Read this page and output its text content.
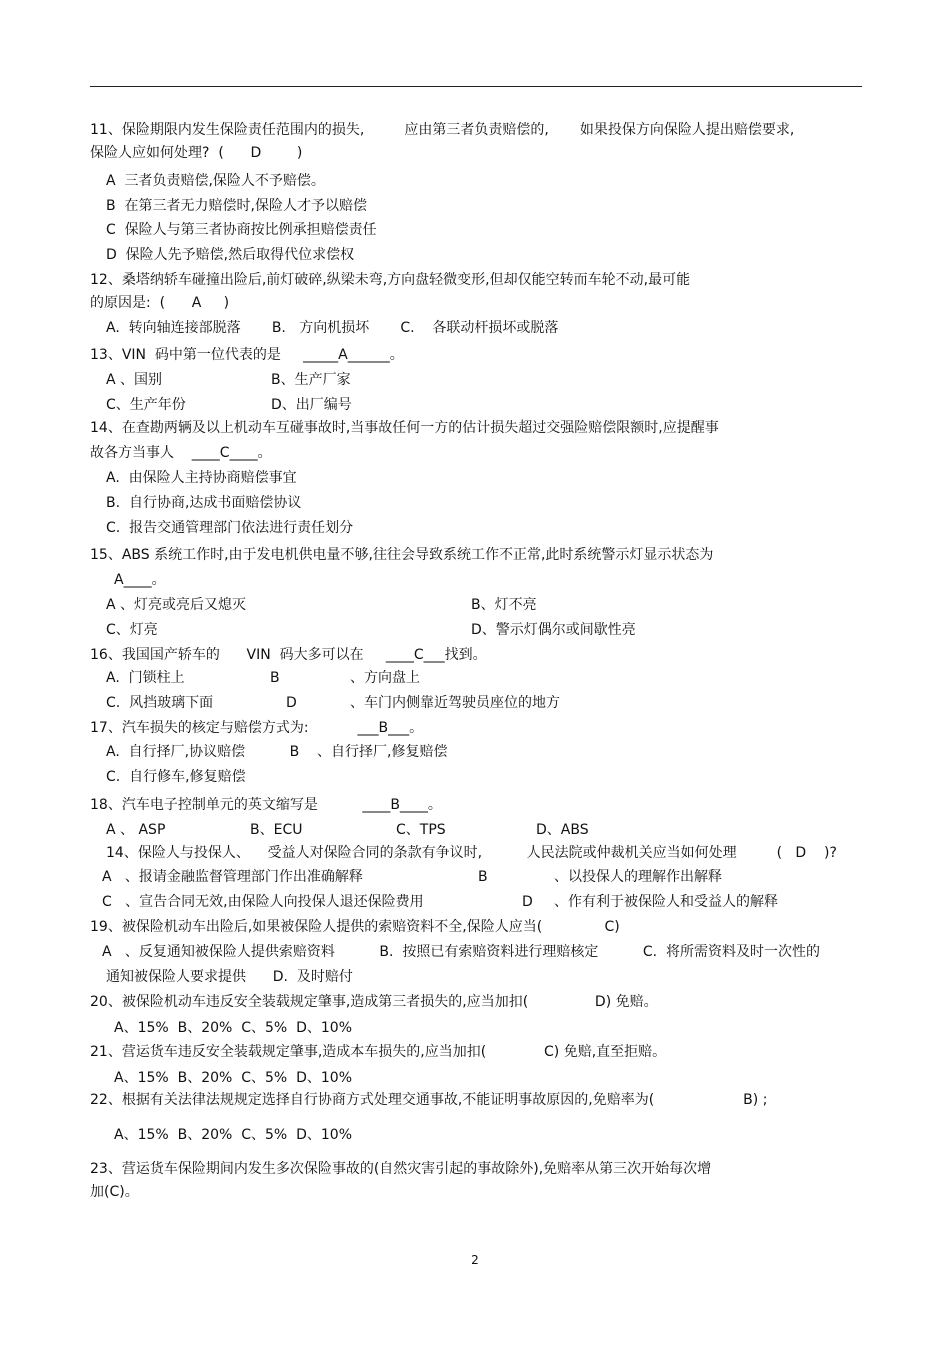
11、保险期限内发生保险责任范围内的损失,         应由第三者负责赔偿的,       如果投保方向保险人提出赔偿要求,
保险人应如何处理?  (      D        )
A  三者负责赔偿,保险人不予赔偿。
B  在第三者无力赔偿时,保险人才予以赔偿
C  保险人与第三者协商按比例承担赔偿责任
D  保险人先予赔偿,然后取得代位求偿权
12、桑塔纳轿车碰撞出险后,前灯破碎,纵梁未弯,方向盘轻微变形,但却仅能空转而车轮不动,最可能
的原因是:  (      A     )
A.  转向轴连接部脱落       B.   方向机损坏       C.    各联动杆损坏或脱落
13、VIN  码中第一位代表的是     _____A______。
A 、国别	B、生产厂家
C、生产年份	D、出厂编号
14、在查勘两辆及以上机动车互碰事故时,当事故任何一方的估计损失超过交强险赔偿限额时,应提醒事
故各方当事人    ____C____。
A.  由保险人主持协商赔偿事宜
B.  自行协商,达成书面赔偿协议
C.  报告交通管理部门依法进行责任划分
15、ABS 系统工作时,由于发电机供电量不够,往往会导致系统工作不正常,此时系统警示灯显示状态为
A____。
A 、灯亮或亮后又熄灭	B、灯不亮
C、灯亮	D、警示灯偶尔或间歇性亮
16、我国国产轿车的      VIN  码大多可以在     ____C___找到。
A.  门锁柱上	B	、方向盘上
C.  风挡玻璃下面	D	、车门内侧靠近驾驶员座位的地方
17、汽车损失的核定与赔偿方式为:           ___B___。
A.  自行择厂,协议赔偿          B    、自行择厂,修复赔偿
C.  自行修车,修复赔偿
18、汽车电子控制单元的英文缩写是          ____B____。
A 、 ASP	B、ECU	C、TPS	D、ABS
14、保险人与投保人、    受益人对保险合同的条款有争议时,          人民法院或仲裁机关应当如何处理         (   D    )?
A   、报请金融监督管理部门作出准确解释	B	、以投保人的理解作出解释
C   、宣告合同无效,由保险人向投保人退还保险费用	D 、作有利于被保险人和受益人的解释
19、被保险机动车出险后,如果被保险人提供的索赔资料不全,保险人应当(              C)
A   、反复通知被保险人提供索赔资料          B.  按照已有索赔资料进行理赔核定          C.  将所需资料及时一次性的
通知被保险人要求提供      D.  及时赔付
20、被保险机动车违反安全装载规定肇事,造成第三者损失的,应当加扣(               D) 免赔。
A、15%  B、20%  C、5%  D、10%
21、营运货车违反安全装载规定肇事,造成本车损失的,应当加扣(             C) 免赔,直至拒赔。
A、15%  B、20%  C、5%  D、10%
22、根据有关法律法规规定选择自行协商方式处理交通事故,不能证明事故原因的,免赔率为(                    B) ;
A、15%  B、20%  C、5%  D、10%
23、营运货车保险期间内发生多次保险事故的(自然灾害引起的事故除外),免赔率从第三次开始每次增
加(C)。
2
